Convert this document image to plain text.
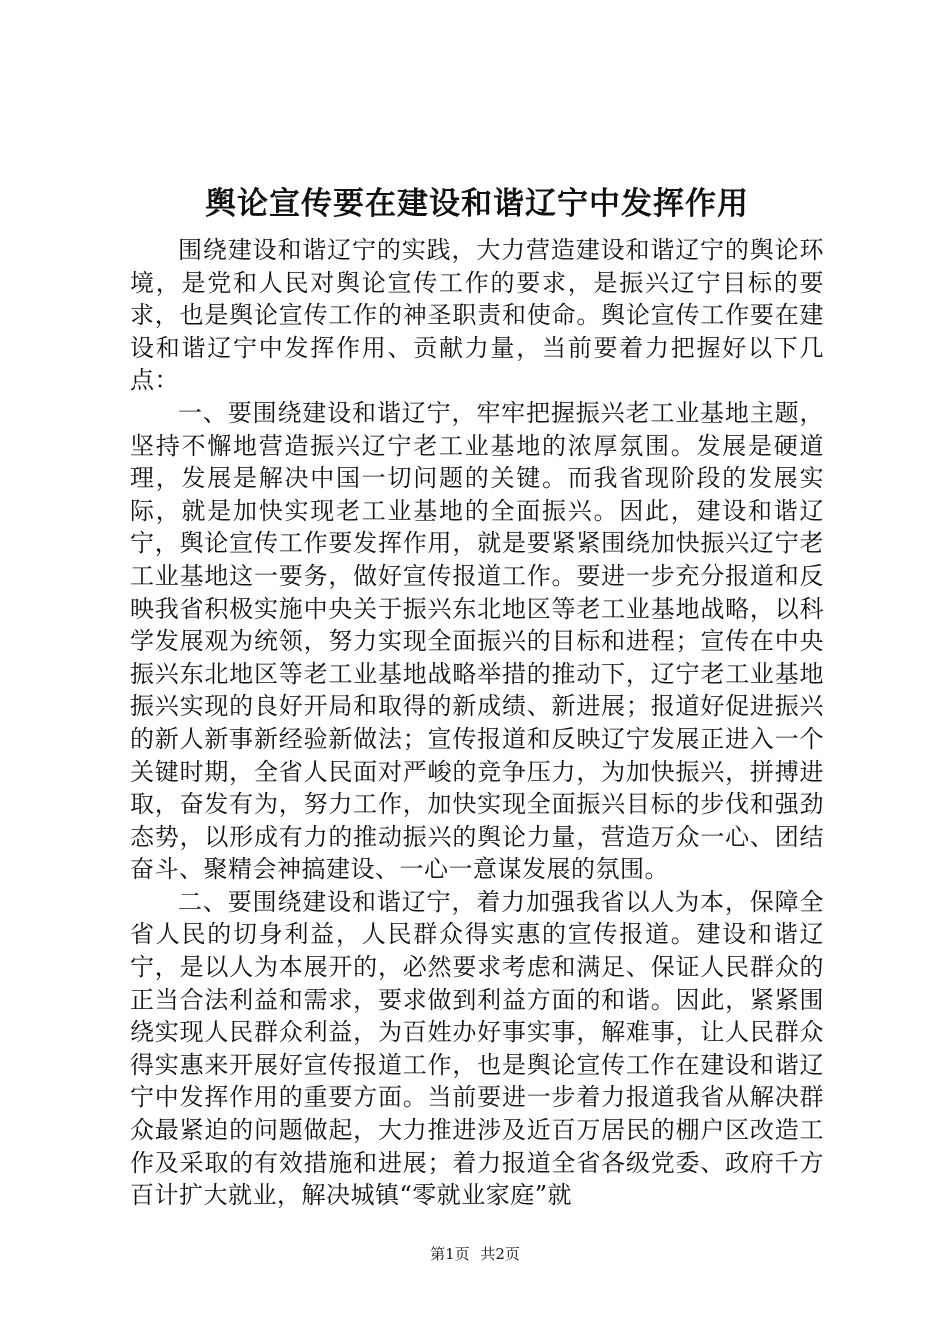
舆论宣传要在建设和谐辽宁中发挥作用

围绕建设和谐辽宁的实践，大力营造建设和谐辽宁的舆论环境，是党和人民对舆论宣传工作的要求，是振兴辽宁目标的要求，也是舆论宣传工作的神圣职责和使命。舆论宣传工作要在建设和谐辽宁中发挥作用、贡献力量，当前要着力把握好以下几点：

一、要围绕建设和谐辽宁，牢牢把握振兴老工业基地主题，坚持不懈地营造振兴辽宁老工业基地的浓厚氛围。发展是硬道理，发展是解决中国一切问题的关键。而我省现阶段的发展实际，就是加快实现老工业基地的全面振兴。因此，建设和谐辽宁，舆论宣传工作要发挥作用，就是要紧紧围绕加快振兴辽宁老工业基地这一要务，做好宣传报道工作。要进一步充分报道和反映我省积极实施中央关于振兴东北地区等老工业基地战略，以科学发展观为统领，努力实现全面振兴的目标和进程；宣传在中央振兴东北地区等老工业基地战略举措的推动下，辽宁老工业基地振兴实现的良好开局和取得的新成绩、新进展；报道好促进振兴的新人新事新经验新做法；宣传报道和反映辽宁发展正进入一个关键时期，全省人民面对严峻的竞争压力，为加快振兴，拼搏进取，奋发有为，努力工作，加快实现全面振兴目标的步伐和强劲态势，以形成有力的推动振兴的舆论力量，营造万众一心、团结奋斗、聚精会神搞建设、一心一意谋发展的氛围。

二、要围绕建设和谐辽宁，着力加强我省以人为本，保障全省人民的切身利益，人民群众得实惠的宣传报道。建设和谐辽宁，是以人为本展开的，必然要求考虑和满足、保证人民群众的正当合法利益和需求，要求做到利益方面的和谐。因此，紧紧围绕实现人民群众利益，为百姓办好事实事，解难事，让人民群众得实惠来开展好宣传报道工作，也是舆论宣传工作在建设和谐辽宁中发挥作用的重要方面。当前要进一步着力报道我省从解决群众最紧迫的问题做起，大力推进涉及近百万居民的棚户区改造工作及采取的有效措施和进展；着力报道全省各级党委、政府千方百计扩大就业，解决城镇“零就业家庭”就

第1页 共2页
